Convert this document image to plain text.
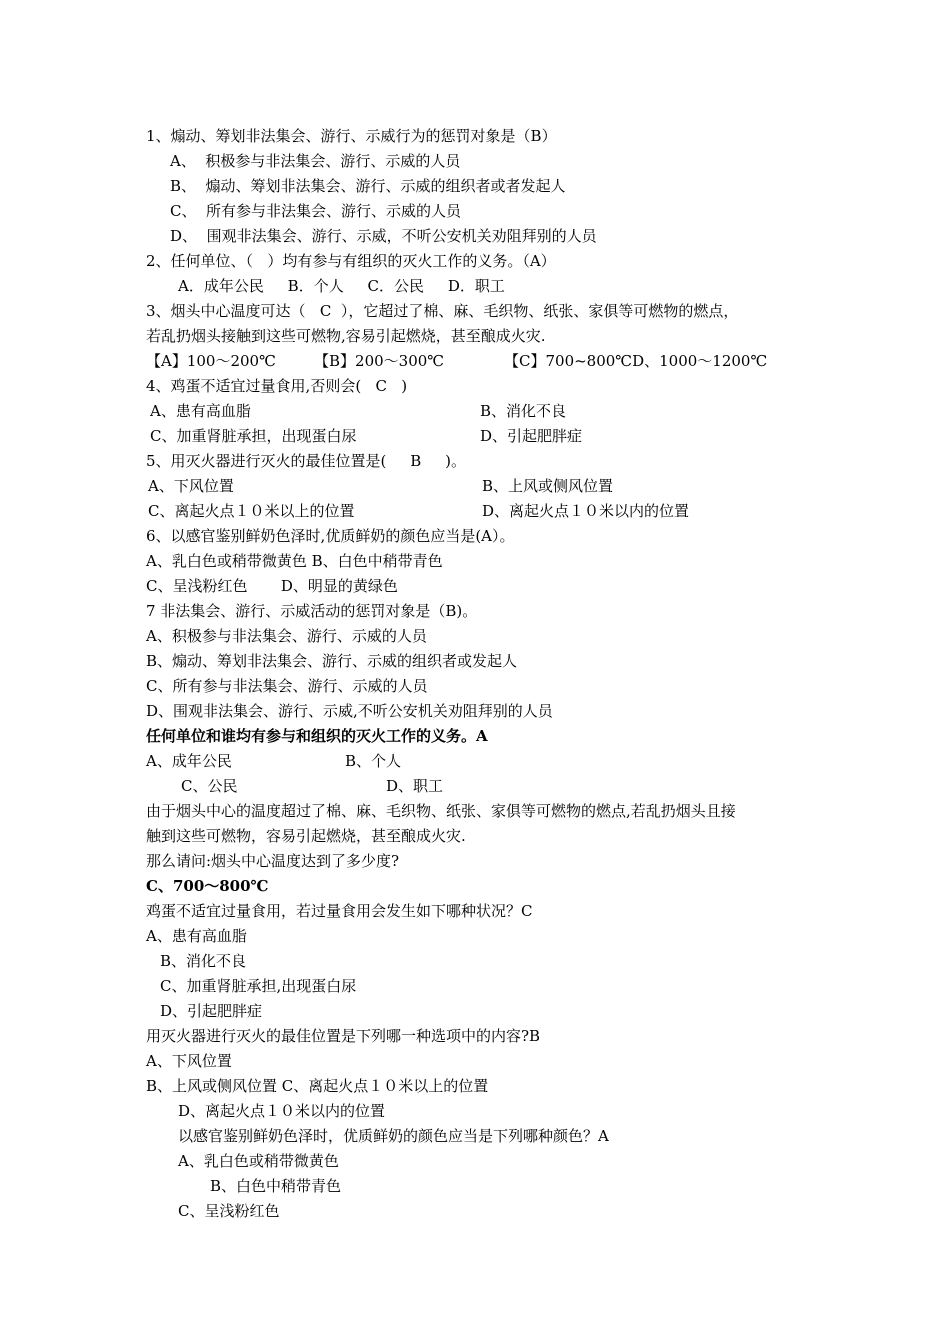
1、煽动、筹划非法集会、游行、示威行为的惩罚对象是（B）
A、  积极参与非法集会、游行、示威的人员
B、  煽动、筹划非法集会、游行、示威的组织者或者发起人
C、  所有参与非法集会、游行、示威的人员
D、  围观非法集会、游行、示威，不听公安机关劝阻拜别的人员
2、任何单位、（   ）均有参与有组织的灭火工作的义务。（A）
A．成年公民     B．个人     C．公民     D．职工
3、烟头中心温度可达（   C  ），它超过了棉、麻、毛织物、纸张、家俱等可燃物的燃点，
若乱扔烟头接触到这些可燃物,容易引起燃烧，甚至酿成火灾.

【A】100～200℃

	【B】200～300℃

	【C】700~800℃D、1000～1200℃

4、鸡蛋不适宜过量食用,否则会(   C   )

A、患有高血脂

	B、消化不良

C、加重肾脏承担，出现蛋白尿

	D、引起肥胖症

5、用灭火器进行灭火的最佳位置是(     B     )。

A、下风位置

	B、上风或侧风位置

C、离起火点１０米以上的位置

	D、离起火点１０米以内的位置

6、以感官鉴别鲜奶色泽时,优质鲜奶的颜色应当是(A）。
A、乳白色或稍带微黄色 B、白色中稍带青色
C、呈浅粉红色       D、明显的黄绿色
7 非法集会、游行、示威活动的惩罚对象是（B)。
A、积极参与非法集会、游行、示威的人员
B、煽动、筹划非法集会、游行、示威的组织者或发起人
C、所有参与非法集会、游行、示威的人员
D、围观非法集会、游行、示威,不听公安机关劝阻拜别的人员
任何单位和谁均有参与和组织的灭火工作的义务。A

A、成年公民

	B、个人

C、公民

	D、职工

由于烟头中心的温度超过了棉、麻、毛织物、纸张、家俱等可燃物的燃点,若乱扔烟头且接
触到这些可燃物，容易引起燃烧，甚至酿成火灾.
那么请问:烟头中心温度达到了多少度?
C、700～800℃
鸡蛋不适宜过量食用，若过量食用会发生如下哪种状况？C
A、患有高血脂
B、消化不良
C、加重肾脏承担,出现蛋白尿
D、引起肥胖症
用灭火器进行灭火的最佳位置是下列哪一种选项中的内容?B
A、下风位置
B、上风或侧风位置 C、离起火点１０米以上的位置
D、离起火点１０米以内的位置
以感官鉴别鲜奶色泽时，优质鲜奶的颜色应当是下列哪种颜色？A
A、乳白色或稍带微黄色
B、白色中稍带青色
C、呈浅粉红色
